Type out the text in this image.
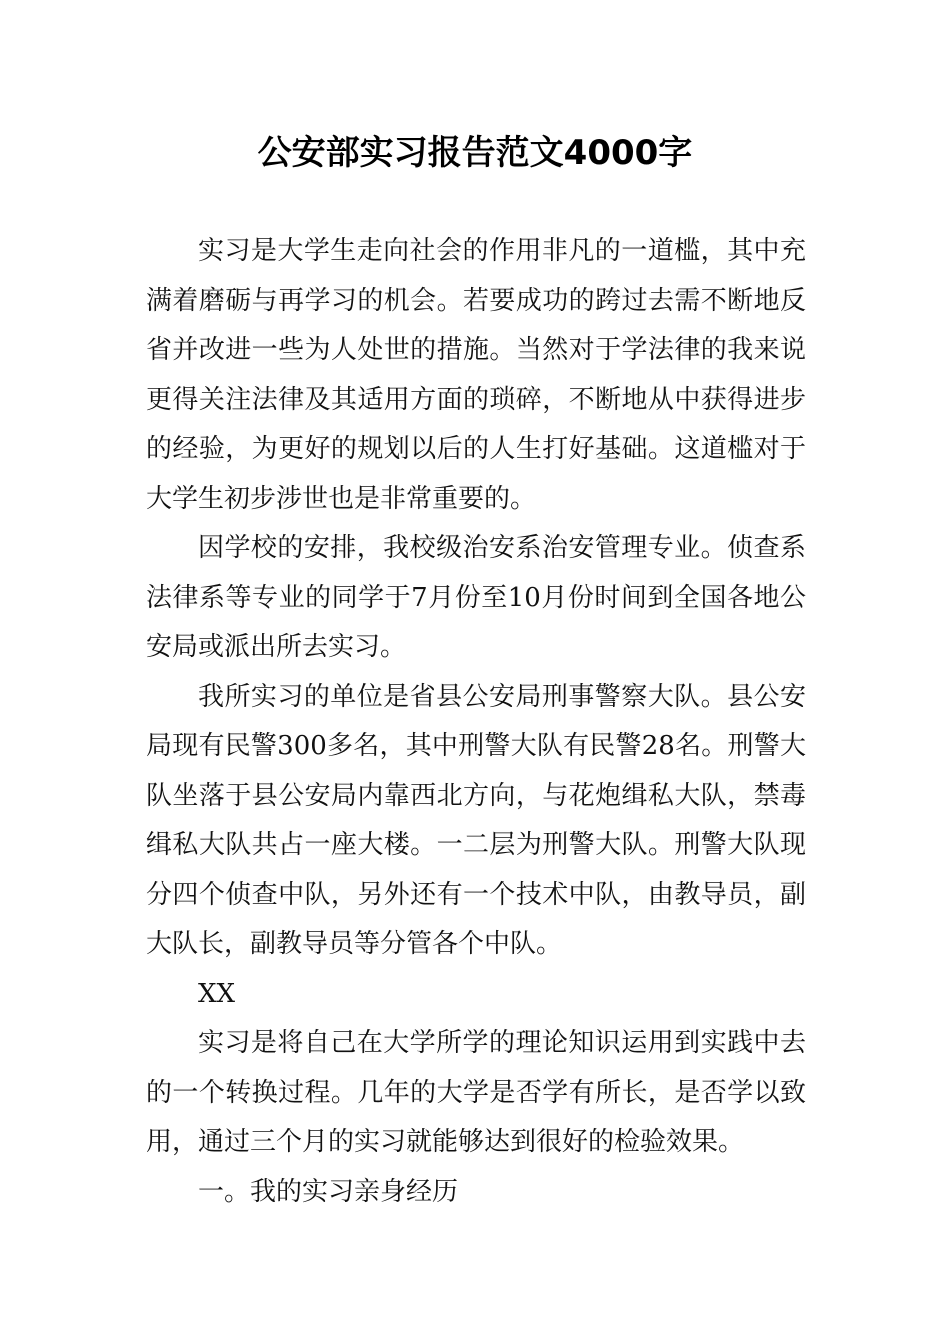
公安部实习报告范文4000字

实习是大学生走向社会的作用非凡的一道槛，其中充满着磨砺与再学习的机会。若要成功的跨过去需不断地反省并改进一些为人处世的措施。当然对于学法律的我来说更得关注法律及其适用方面的琐碎，不断地从中获得进步的经验，为更好的规划以后的人生打好基础。这道槛对于大学生初步涉世也是非常重要的。

因学校的安排，我校级治安系治安管理专业。侦查系法律系等专业的同学于7月份至10月份时间到全国各地公安局或派出所去实习。

我所实习的单位是省县公安局刑事警察大队。县公安局现有民警300多名，其中刑警大队有民警28名。刑警大队坐落于县公安局内靠西北方向，与花炮缉私大队，禁毒缉私大队共占一座大楼。一二层为刑警大队。刑警大队现分四个侦查中队，另外还有一个技术中队，由教导员，副大队长，副教导员等分管各个中队。

XX

实习是将自己在大学所学的理论知识运用到实践中去的一个转换过程。几年的大学是否学有所长，是否学以致用，通过三个月的实习就能够达到很好的检验效果。

一。我的实习亲身经历
